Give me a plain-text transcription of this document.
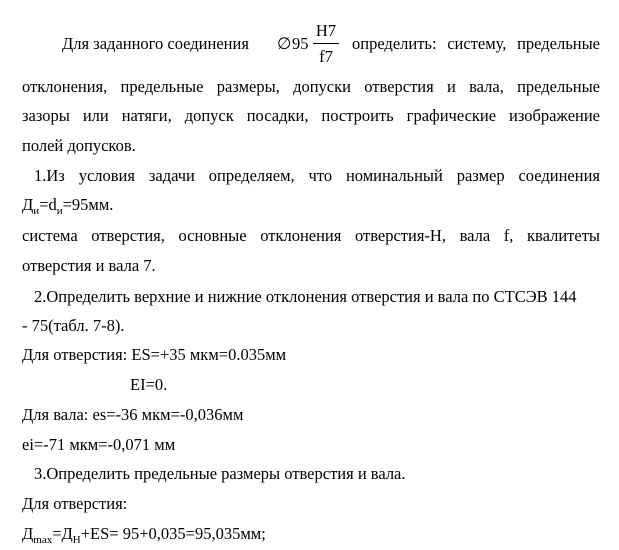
Для заданного соединения ∅ 95
H7
f7
определить: систему, предельные
отклонения, предельные размеры, допуски отверстия и вала, предельные
зазоры или натяги, допуск посадки, построить графические изображение
полей допусков.
1.Из условия задачи определяем, что номинальный размер соединения
$Д_и=d_и=95мм$.
система отверстия, основные отклонения отверстия-Н, вала f, квалитеты
отверстия и вала 7.
2.Определить верхние и нижние отклонения отверстия и вала по СТСЭВ 144
- 75(табл. 7-8).
Для отверстия: ES=+35 мкм=0.035мм
EI=0.
Для вала: es=-36 мкм=-0,036мм
ei=-71 мкм=-0,071 мм
3.Определить предельные размеры отверстия и вала.
Для отверстия:
$Д_{max}=Д_Н+ES= 95+0,035=95,035мм$;
